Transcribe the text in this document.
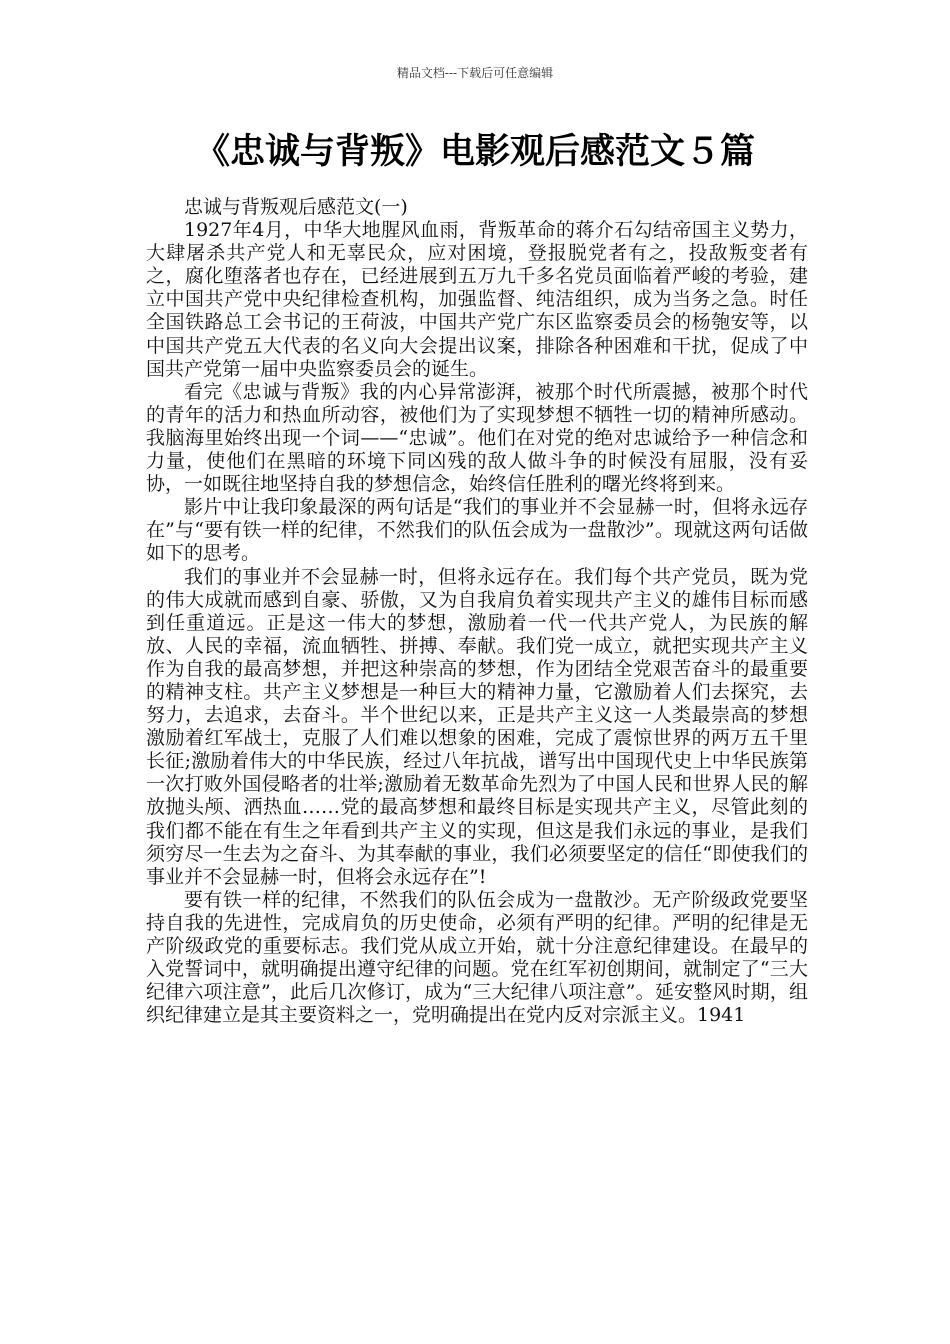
精品文档---下载后可任意编辑
《忠诚与背叛》电影观后感范文５篇

忠诚与背叛观后感范文(一)

1927年4月，中华大地腥风血雨，背叛革命的蒋介石勾结帝国主义势力，大肆屠杀共产党人和无辜民众，应对困境，登报脱党者有之，投敌叛变者有之，腐化堕落者也存在，已经进展到五万九千多名党员面临着严峻的考验，建立中国共产党中央纪律检查机构，加强监督、纯洁组织，成为当务之急。时任全国铁路总工会书记的王荷波，中国共产党广东区监察委员会的杨匏安等，以中国共产党五大代表的名义向大会提出议案，排除各种困难和干扰，促成了中国共产党第一届中央监察委员会的诞生。

看完《忠诚与背叛》我的内心异常澎湃，被那个时代所震撼，被那个时代的青年的活力和热血所动容，被他们为了实现梦想不牺牲一切的精神所感动。我脑海里始终出现一个词——“忠诚”。他们在对党的绝对忠诚给予一种信念和力量，使他们在黑暗的环境下同凶残的敌人做斗争的时候没有屈服，没有妥协，一如既往地坚持自我的梦想信念，始终信任胜利的曙光终将到来。

影片中让我印象最深的两句话是“我们的事业并不会显赫一时，但将永远存在”与“要有铁一样的纪律，不然我们的队伍会成为一盘散沙”。现就这两句话做如下的思考。

我们的事业并不会显赫一时，但将永远存在。我们每个共产党员，既为党的伟大成就而感到自豪、骄傲，又为自我肩负着实现共产主义的雄伟目标而感到任重道远。正是这一伟大的梦想，激励着一代一代共产党人，为民族的解放、人民的幸福，流血牺牲、拼搏、奉献。我们党一成立，就把实现共产主义作为自我的最高梦想，并把这种崇高的梦想，作为团结全党艰苦奋斗的最重要的精神支柱。共产主义梦想是一种巨大的精神力量，它激励着人们去探究，去努力，去追求，去奋斗。半个世纪以来，正是共产主义这一人类最崇高的梦想激励着红军战士，克服了人们难以想象的困难，完成了震惊世界的两万五千里长征;激励着伟大的中华民族，经过八年抗战，谱写出中国现代史上中华民族第一次打败外国侵略者的壮举;激励着无数革命先烈为了中国人民和世界人民的解放抛头颅、洒热血……党的最高梦想和最终目标是实现共产主义，尽管此刻的我们都不能在有生之年看到共产主义的实现，但这是我们永远的事业，是我们须穷尽一生去为之奋斗、为其奉献的事业，我们必须要坚定的信任“即使我们的事业并不会显赫一时，但将会永远存在”!

要有铁一样的纪律，不然我们的队伍会成为一盘散沙。无产阶级政党要坚持自我的先进性，完成肩负的历史使命，必须有严明的纪律。严明的纪律是无产阶级政党的重要标志。我们党从成立开始，就十分注意纪律建设。在最早的入党誓词中，就明确提出遵守纪律的问题。党在红军初创期间，就制定了“三大纪律六项注意”，此后几次修订，成为“三大纪律八项注意”。延安整风时期，组织纪律建立是其主要资料之一，党明确提出在党内反对宗派主义。1941
